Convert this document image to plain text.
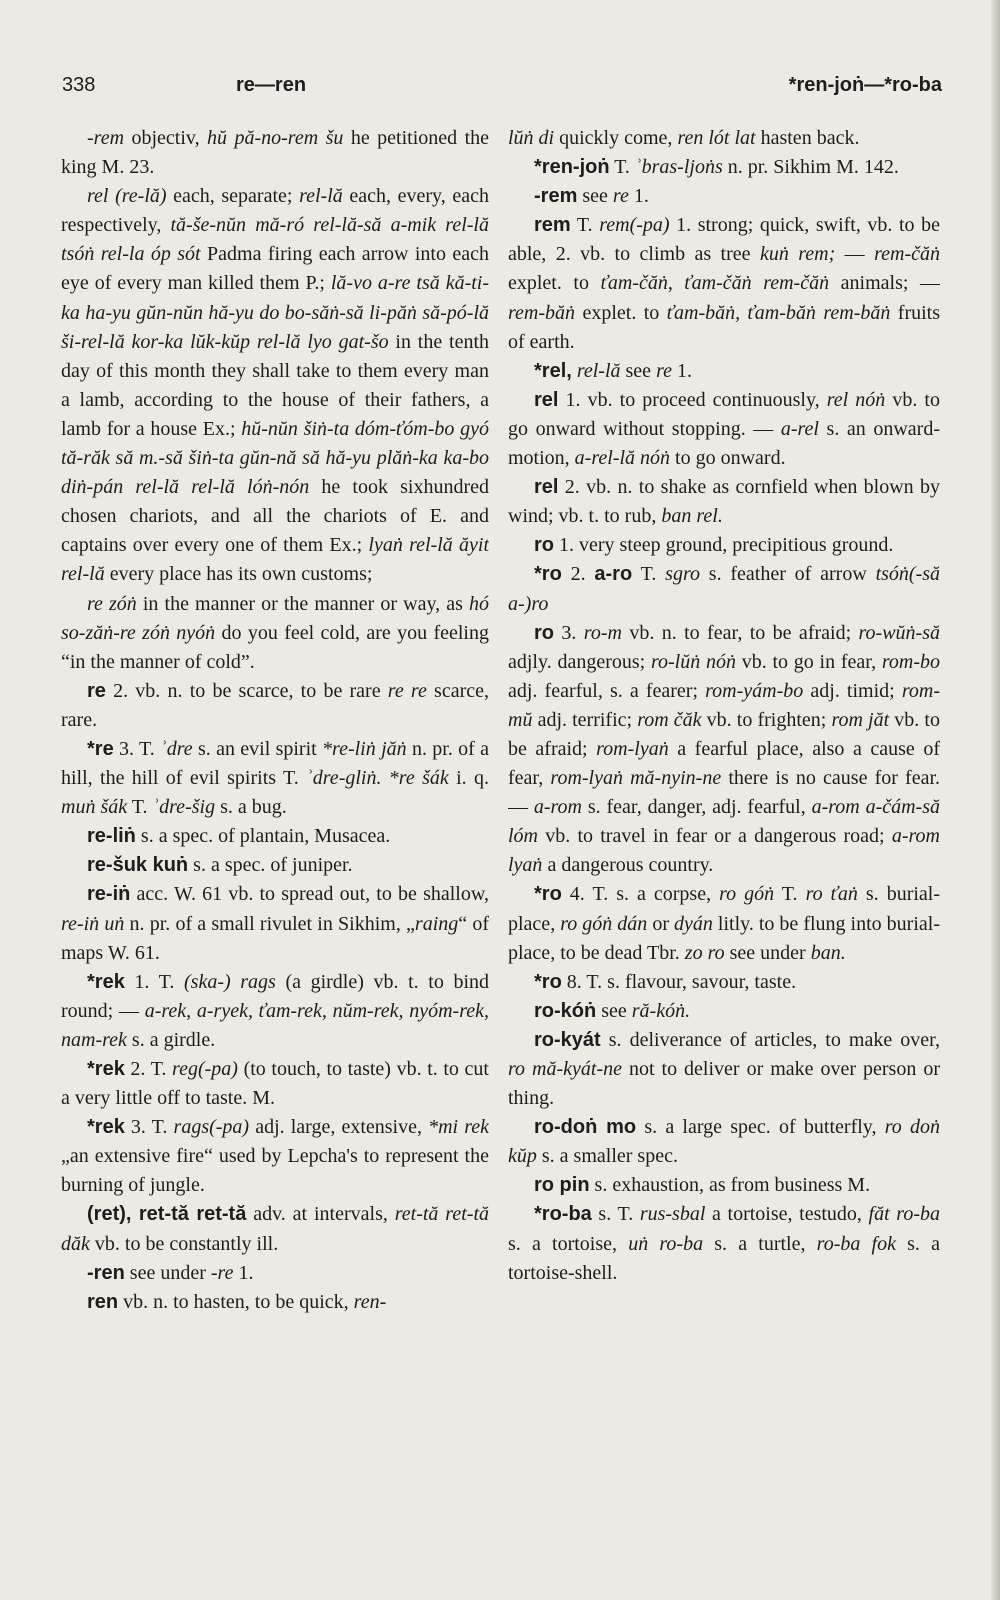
338	re—ren	*ren-joṅ—*ro-ba

-rem objectiv, hŭ pă-no-rem šu he petitioned the king M. 23.

rel (re-lă) each, separate; rel-lă each, every, each respectively, tă-še-nŭn mă-ró rel-lă-să a-mik rel-lă tsóṅ rel-la óp sót Padma firing each arrow into each eye of every man killed them P.; lă-vo a-re tsă kă-ti-ka ha-yu gŭn-nŭn hă-yu do bo-săṅ-să li-păṅ să-pó-lă ši-rel-lă kor-ka lŭk-kŭp rel-lă lyo gat-šo in the tenth day of this month they shall take to them every man a lamb, according to the house of their fathers, a lamb for a house Ex.; hŭ-nŭn šiṅ-ta dóm-ťóm-bo gyó tă-răk să m.-să šiṅ-ta gŭn-nă să hă-yu plăṅ-ka ka-bo diṅ-pán rel-lă rel-lă lóṅ-nón he took sixhundred chosen chariots, and all the chariots of E. and captains over every one of them Ex.; lyaṅ rel-lă ăyit rel-lă every place has its own customs;

re zóṅ in the manner or the manner or way, as hó so-zăṅ-re zóṅ nyóṅ do you feel cold, are you feeling “in the manner of cold”.

re 2. vb. n. to be scarce, to be rare re re scarce, rare.

*re 3. T. ʾdre s. an evil spirit *re-liṅ jăṅ n. pr. of a hill, the hill of evil spirits T. ʾdre-gliṅ. *re šák i. q. muṅ šák T. ʾdre-šig s. a bug.

re-liṅ s. a spec. of plantain, Musacea.

re-šuk kuṅ s. a spec. of juniper.

re-iṅ acc. W. 61 vb. to spread out, to be shallow, re-iṅ uṅ n. pr. of a small rivulet in Sikhim, „raing“ of maps W. 61.

*rek 1. T. (ska-) rags (a girdle) vb. t. to bind round; — a-rek, a-ryek, ťam-rek, nŭm-rek, nyóm-rek, nam-rek s. a girdle.

*rek 2. T. reg(-pa) (to touch, to taste) vb. t. to cut a very little off to taste. M.

*rek 3. T. rags(-pa) adj. large, extensive, *mi rek „an extensive fire“ used by Lepcha's to represent the burning of jungle.

(ret), ret-tă ret-tă adv. at intervals, ret-tă ret-tă dăk vb. to be constantly ill.

-ren see under -re 1.

ren vb. n. to hasten, to be quick, ren-

lŭṅ di quickly come, ren lót lat hasten back.

*ren-joṅ T. ʾbras-ljoṅs n. pr. Sikhim M. 142.

-rem see re 1.

rem T. rem(-pa) 1. strong; quick, swift, vb. to be able, 2. vb. to climb as tree kuṅ rem; — rem-čăṅ explet. to ťam-čăṅ, ťam-čăṅ rem-čăṅ animals; — rem-băṅ explet. to ťam-băṅ, ťam-băṅ rem-băṅ fruits of earth.

*rel, rel-lă see re 1.

rel 1. vb. to proceed continuously, rel nóṅ vb. to go onward without stopping. — a-rel s. an onward-motion, a-rel-lă nóṅ to go onward.

rel 2. vb. n. to shake as cornfield when blown by wind; vb. t. to rub, ban rel.

ro 1. very steep ground, precipitious ground.

*ro 2. a-ro T. sgro s. feather of arrow tsóṅ(-să a-)ro

ro 3. ro-m vb. n. to fear, to be afraid; ro-wŭṅ-să adjly. dangerous; ro-lŭṅ nóṅ vb. to go in fear, rom-bo adj. fearful, s. a fearer; rom-yám-bo adj. timid; rom-mŭ adj. terrific; rom čăk vb. to frighten; rom jăt vb. to be afraid; rom-lyaṅ a fearful place, also a cause of fear, rom-lyaṅ mă-nyin-ne there is no cause for fear. — a-rom s. fear, danger, adj. fearful, a-rom a-čám-să lóm vb. to travel in fear or a dangerous road; a-rom lyaṅ a dangerous country.

*ro 4. T. s. a corpse, ro góṅ T. ro ťaṅ s. burial-place, ro góṅ dán or dyán litly. to be flung into burial-place, to be dead Tbr. zo ro see under ban.

*ro 8. T. s. flavour, savour, taste.

ro-kóṅ see ră-kóṅ.

ro-kyát s. deliverance of articles, to make over, ro mă-kyát-ne not to deliver or make over person or thing.

ro-doṅ mo s. a large spec. of butterfly, ro doṅ kŭp s. a smaller spec.

ro pin s. exhaustion, as from business M.

*ro-ba s. T. rus-sbal a tortoise, testudo, făt ro-ba s. a tortoise, uṅ ro-ba s. a turtle, ro-ba fok s. a tortoise-shell.
